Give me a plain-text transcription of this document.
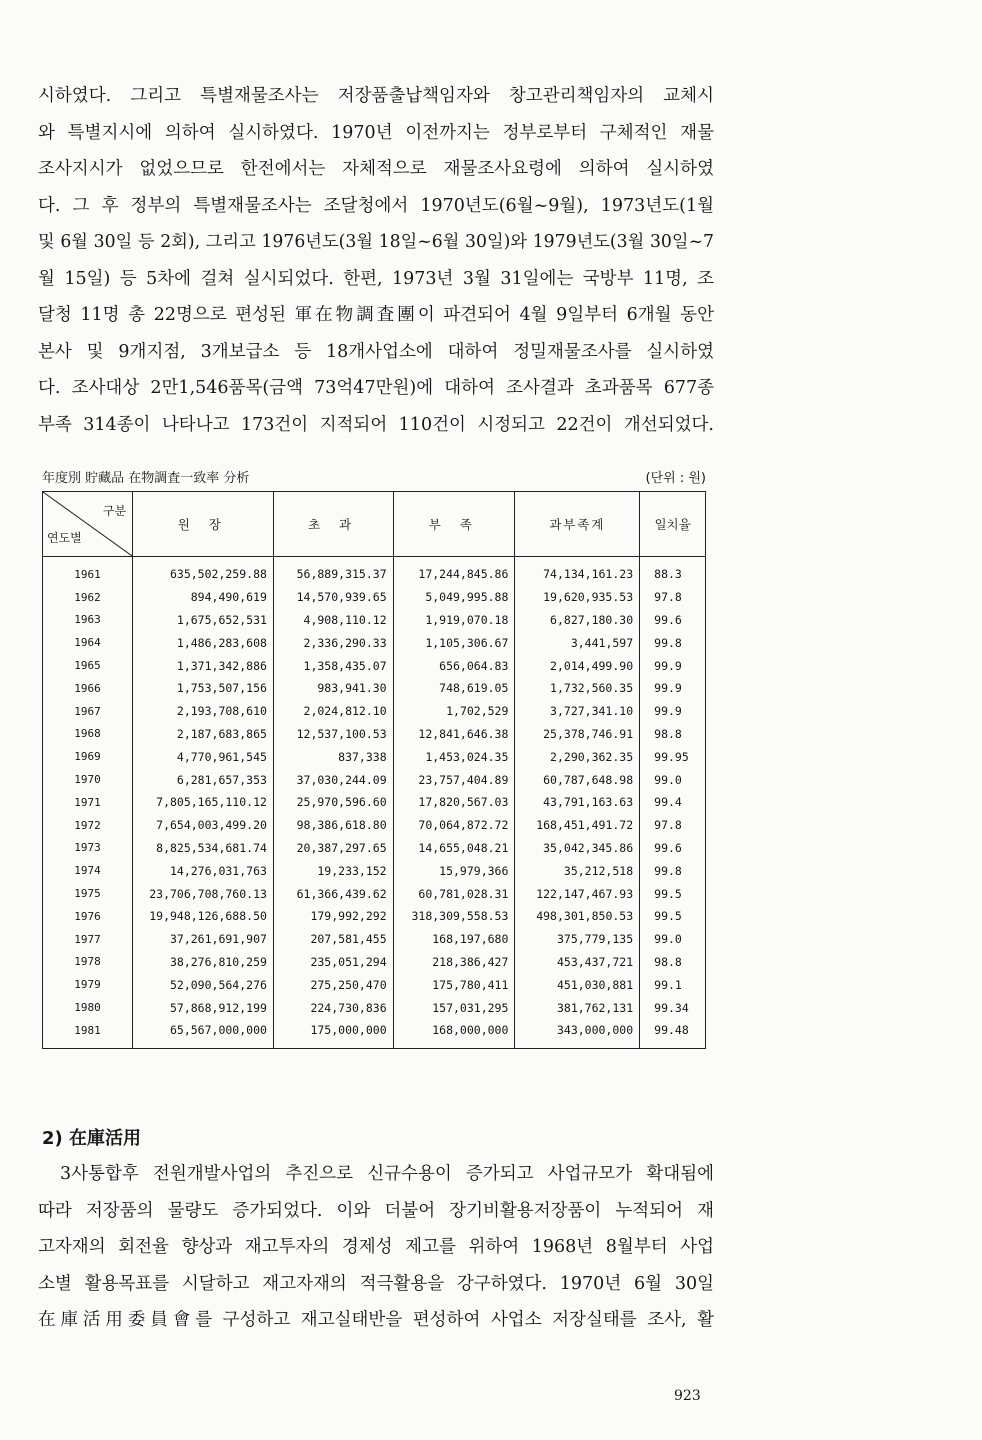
시하였다. 그리고 특별재물조사는 저장품출납책임자와 창고관리책임자의 교체시
와 특별지시에 의하여 실시하였다. 1970년 이전까지는 정부로부터 구체적인 재물
조사지시가 없었으므로 한전에서는 자체적으로 재물조사요령에 의하여 실시하였
다. 그 후 정부의 특별재물조사는 조달청에서 1970년도(6월~9월), 1973년도(1월
및 6월 30일 등 2회), 그리고 1976년도(3월 18일~6월 30일)와 1979년도(3월 30일~7
월 15일) 등 5차에 걸쳐 실시되었다. 한편, 1973년 3월 31일에는 국방부 11명, 조
달청 11명 총 22명으로 편성된 軍在物調査團이 파견되어 4월 9일부터 6개월 동안
본사 및 9개지점, 3개보급소 등 18개사업소에 대하여 정밀재물조사를 실시하였
다. 조사대상 2만1,546품목(금액 73억47만원)에 대하여 조사결과 초과품목 677종
부족 314종이 나타나고 173건이 지적되어 110건이 시정되고 22건이 개선되었다.
年度別 貯藏品 在物調査一致率 分析	(단위 : 원)
구분
연도별	원 장	초 과	부 족	과부족계	일치율
1961	635,502,259.88	56,889,315.37	17,244,845.86	74,134,161.23	88.3
1962	894,490,619	14,570,939.65	5,049,995.88	19,620,935.53	97.8
1963	1,675,652,531	4,908,110.12	1,919,070.18	6,827,180.30	99.6
1964	1,486,283,608	2,336,290.33	1,105,306.67	3,441,597	99.8
1965	1,371,342,886	1,358,435.07	656,064.83	2,014,499.90	99.9
1966	1,753,507,156	983,941.30	748,619.05	1,732,560.35	99.9
1967	2,193,708,610	2,024,812.10	1,702,529	3,727,341.10	99.9
1968	2,187,683,865	12,537,100.53	12,841,646.38	25,378,746.91	98.8
1969	4,770,961,545	837,338	1,453,024.35	2,290,362.35	99.95
1970	6,281,657,353	37,030,244.09	23,757,404.89	60,787,648.98	99.0
1971	7,805,165,110.12	25,970,596.60	17,820,567.03	43,791,163.63	99.4
1972	7,654,003,499.20	98,386,618.80	70,064,872.72	168,451,491.72	97.8
1973	8,825,534,681.74	20,387,297.65	14,655,048.21	35,042,345.86	99.6
1974	14,276,031,763	19,233,152	15,979,366	35,212,518	99.8
1975	23,706,708,760.13	61,366,439.62	60,781,028.31	122,147,467.93	99.5
1976	19,948,126,688.50	179,992,292	318,309,558.53	498,301,850.53	99.5
1977	37,261,691,907	207,581,455	168,197,680	375,779,135	99.0
1978	38,276,810,259	235,051,294	218,386,427	453,437,721	98.8
1979	52,090,564,276	275,250,470	175,780,411	451,030,881	99.1
1980	57,868,912,199	224,730,836	157,031,295	381,762,131	99.34
1981	65,567,000,000	175,000,000	168,000,000	343,000,000	99.48
2) 在庫活用
3사통합후 전원개발사업의 추진으로 신규수용이 증가되고 사업규모가 확대됨에
따라 저장품의 물량도 증가되었다. 이와 더불어 장기비활용저장품이 누적되어 재
고자재의 회전율 향상과 재고투자의 경제성 제고를 위하여 1968년 8월부터 사업
소별 활용목표를 시달하고 재고자재의 적극활용을 강구하였다. 1970년 6월 30일
在庫活用委員會를 구성하고 재고실태반을 편성하여 사업소 저장실태를 조사, 활
923
